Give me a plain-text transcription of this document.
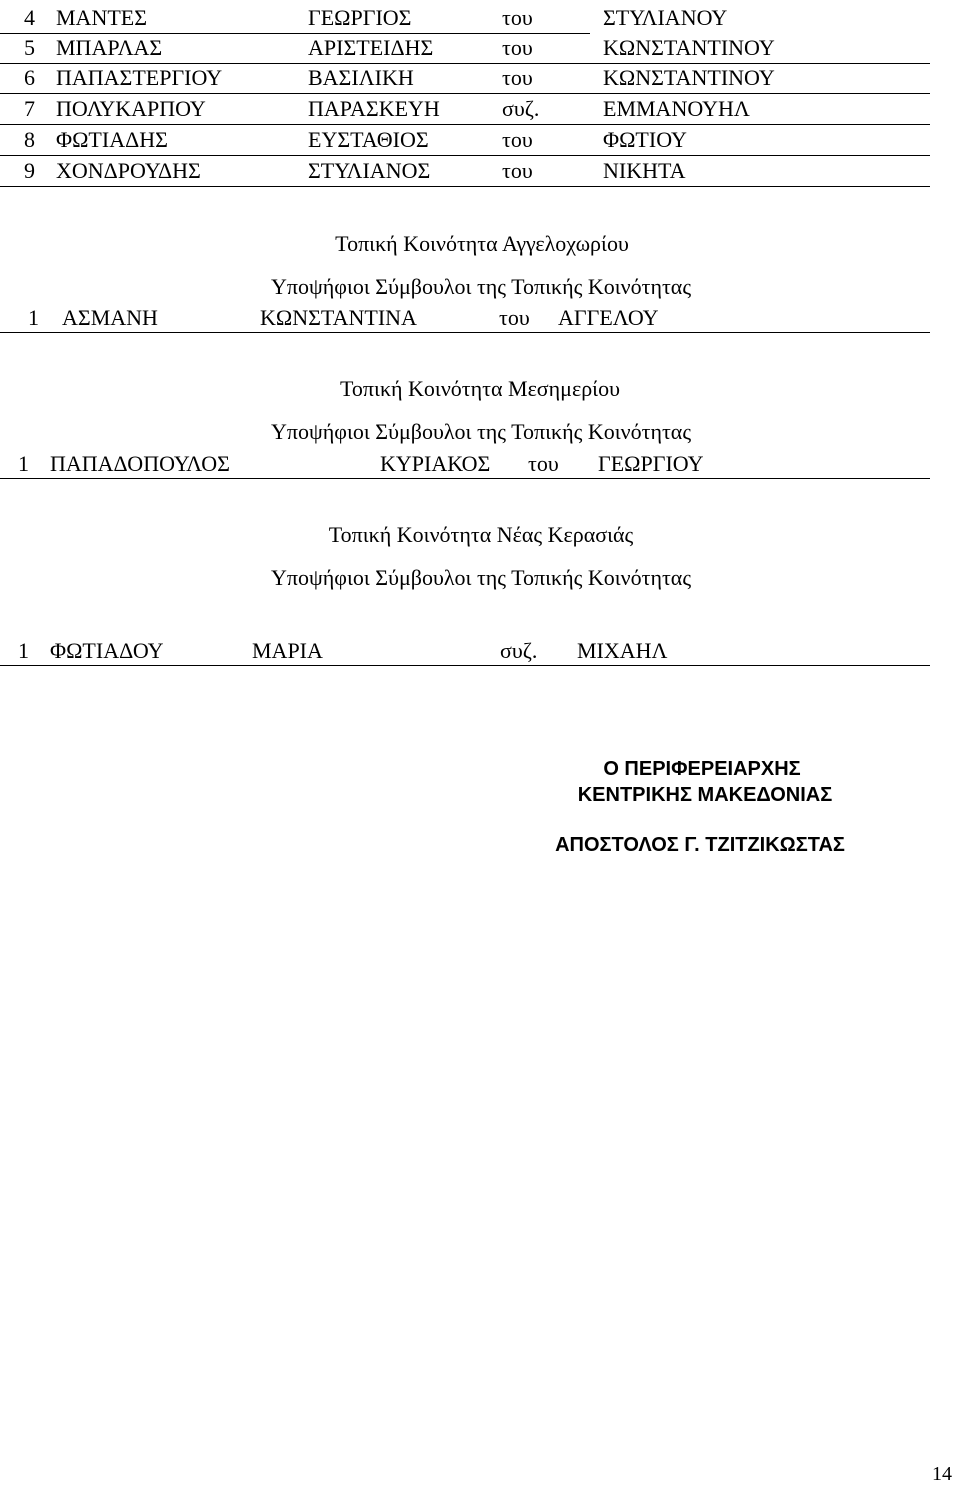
4 ΜΑΝΤΕΣ	ΓΕΩΡΓΙΟΣ	του	ΣΤΥΛΙΑΝΟΥ
5 ΜΠΑΡΛΑΣ	ΑΡΙΣΤΕΙΔΗΣ	του	ΚΩΝΣΤΑΝΤΙΝΟΥ
6 ΠΑΠΑΣΤΕΡΓΙΟΥ	ΒΑΣΙΛΙΚΗ	του	ΚΩΝΣΤΑΝΤΙΝΟΥ
7 ΠΟΛΥΚΑΡΠΟΥ	ΠΑΡΑΣΚΕΥΗ	συζ.	ΕΜΜΑΝΟΥΗΛ
8 ΦΩΤΙΑΔΗΣ	ΕΥΣΤΑΘΙΟΣ	του	ΦΩΤΙΟΥ
9 ΧΟΝΔΡΟΥΔΗΣ	ΣΤΥΛΙΑΝΟΣ	του	ΝΙΚΗΤΑ
Τοπική Κοινότητα Αγγελοχωρίου
Υποψήφιοι Σύμβουλοι της Τοπικής Κοινότητας
1 ΑΣΜΑΝΗ	ΚΩΝΣΤΑΝΤΙΝΑ	του ΑΓΓΕΛΟΥ
Τοπική Κοινότητα Μεσημερίου
Υποψήφιοι Σύμβουλοι της Τοπικής Κοινότητας
1 ΠΑΠΑΔΟΠΟΥΛΟΣ	ΚΥΡΙΑΚΟΣ του ΓΕΩΡΓΙΟΥ
Τοπική Κοινότητα Νέας Κερασιάς
Υποψήφιοι Σύμβουλοι της Τοπικής Κοινότητας
1 ΦΩΤΙΑΔΟΥ	ΜΑΡΙΑ	συζ. ΜΙΧΑΗΛ
Ο ΠΕΡΙΦΕΡΕΙΑΡΧΗΣ
ΚΕΝΤΡΙΚΗΣ ΜΑΚΕΔΟΝΙΑΣ
ΑΠΟΣΤΟΛΟΣ Γ. ΤΖΙΤΖΙΚΩΣΤΑΣ
14
